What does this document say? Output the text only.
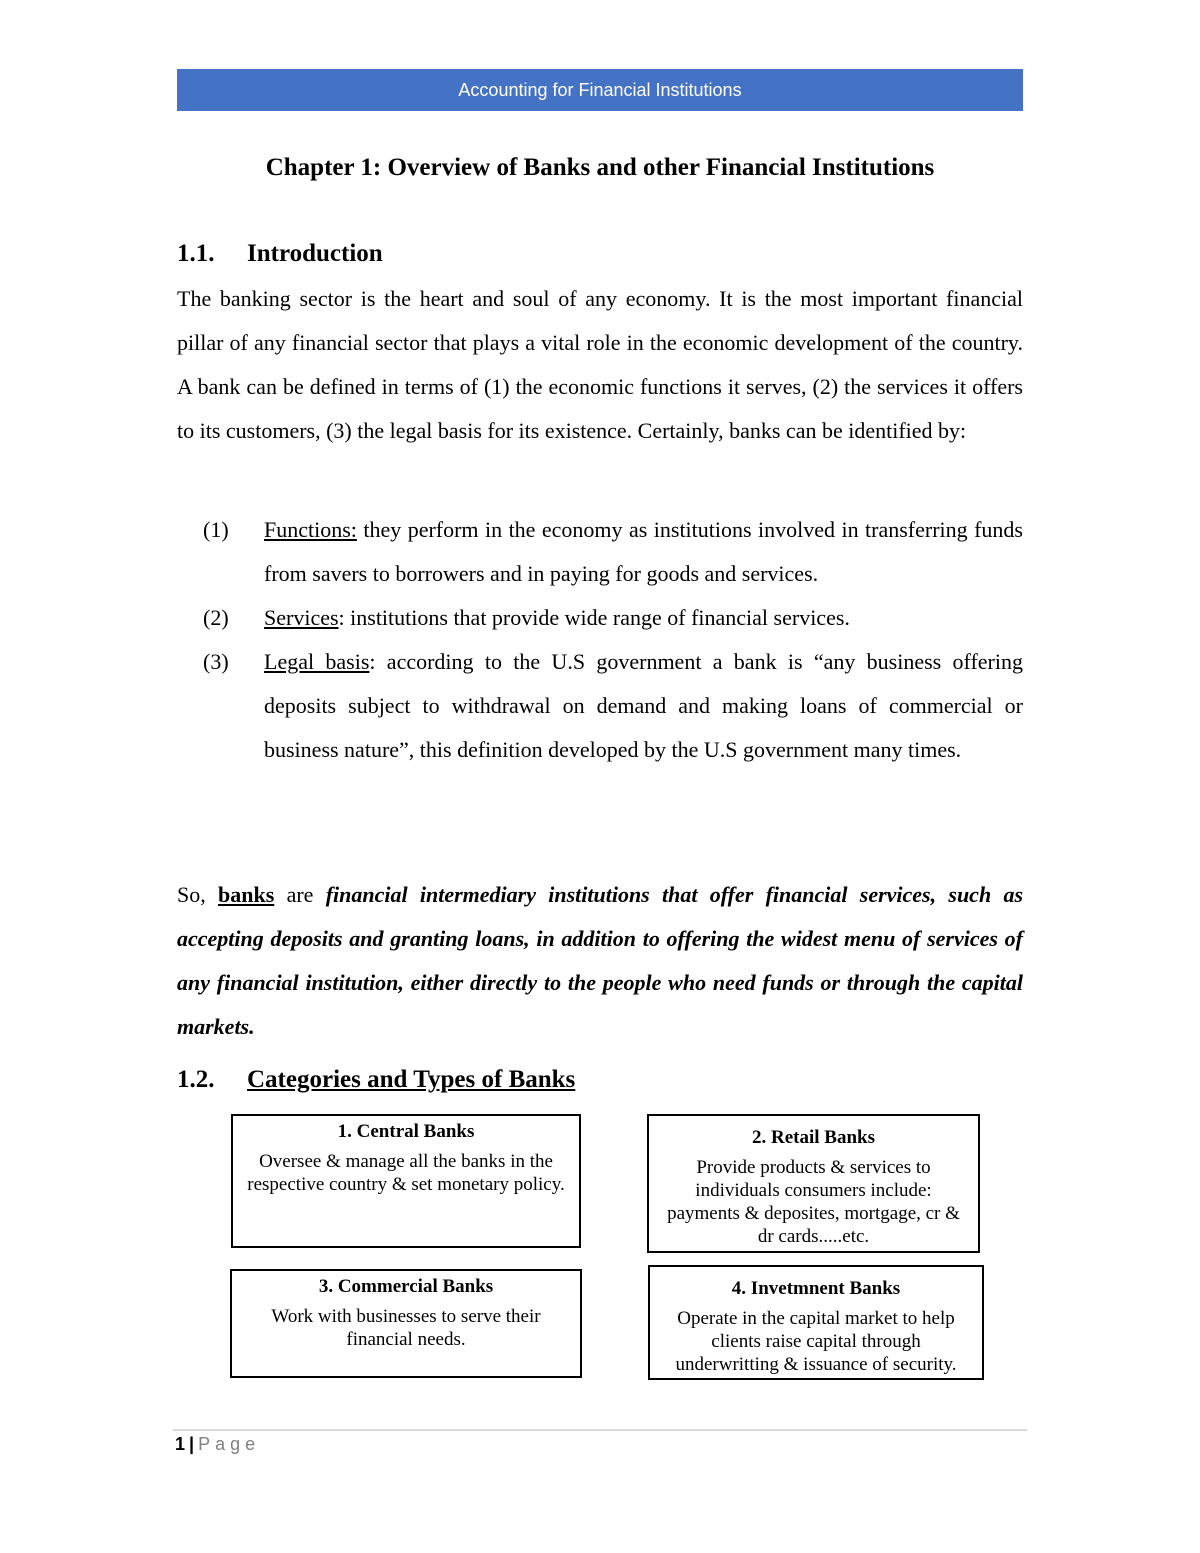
Accounting for Financial Institutions
Chapter 1: Overview of Banks and other Financial Institutions
1.1. Introduction
The banking sector is the heart and soul of any economy. It is the most important financial pillar of any financial sector that plays a vital role in the economic development of the country. A bank can be defined in terms of (1) the economic functions it serves, (2) the services it offers to its customers, (3) the legal basis for its existence. Certainly, banks can be identified by:
(1)	Functions: they perform in the economy as institutions involved in transferring funds from savers to borrowers and in paying for goods and services.
(2)	Services: institutions that provide wide range of financial services.
(3)	Legal basis: according to the U.S government a bank is “any business offering deposits subject to withdrawal on demand and making loans of commercial or business nature”, this definition developed by the U.S government many times.
So, banks are financial intermediary institutions that offer financial services, such as accepting deposits and granting loans, in addition to offering the widest menu of services of any financial institution, either directly to the people who need funds or through the capital markets.
1.2. Categories and Types of Banks
1. Central Banks
Oversee & manage all the banks in the respective country & set monetary policy.
2. Retail Banks
Provide products & services to individuals consumers include: payments & deposites, mortgage, cr & dr cards.....etc.
3. Commercial Banks
Work with businesses to serve their financial needs.
4. Invetmnent Banks
Operate in the capital market to help clients raise capital through underwritting & issuance of security.
1 | Page
